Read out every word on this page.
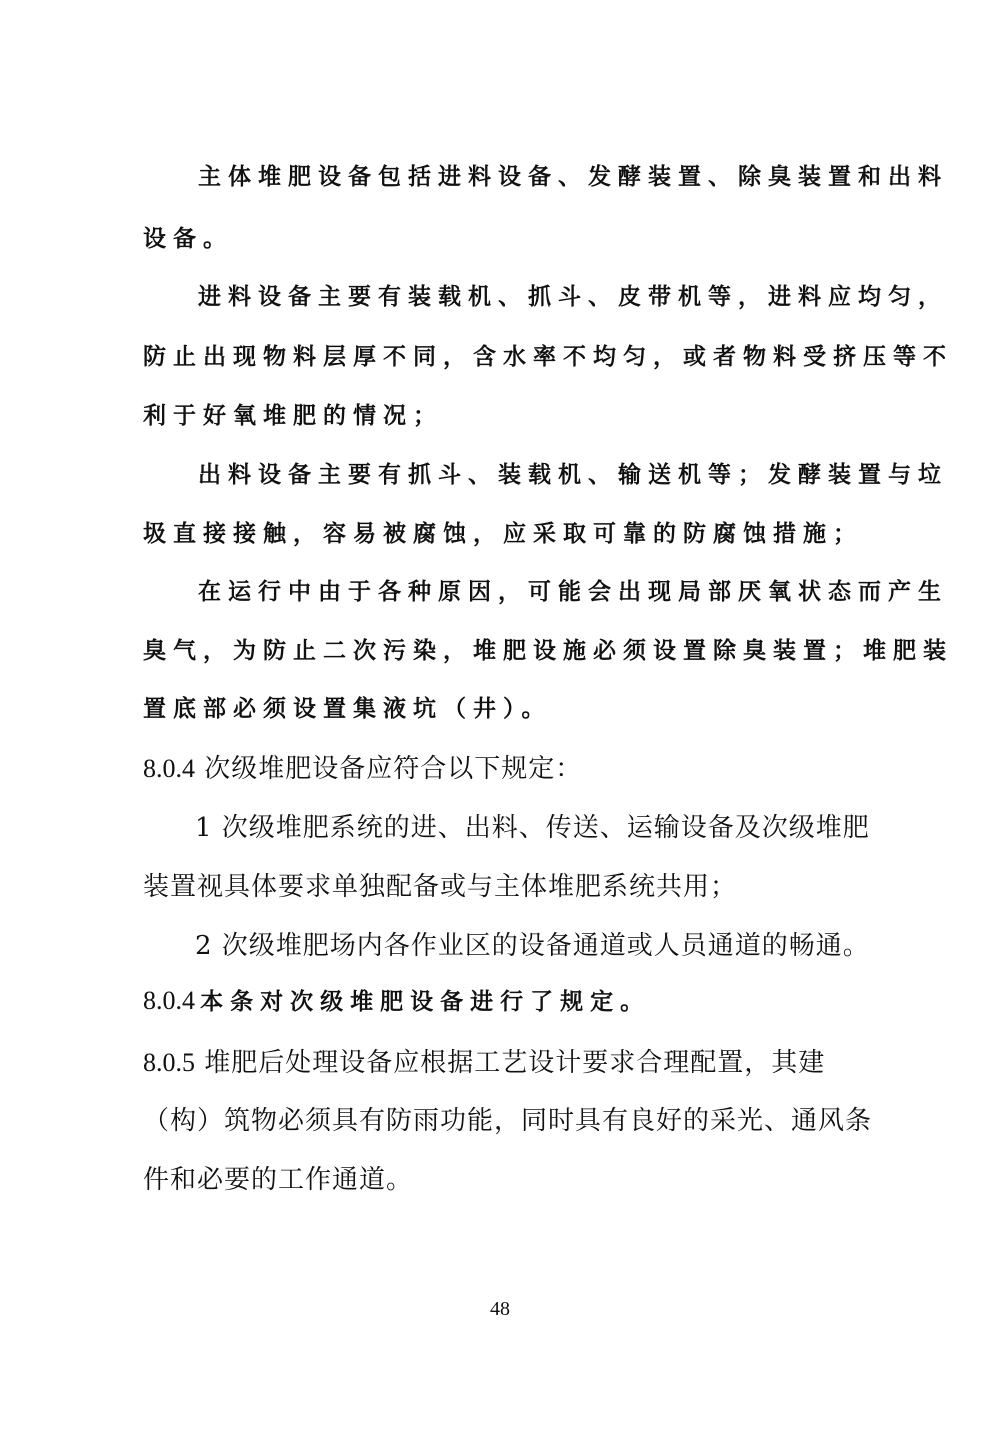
主体堆肥设备包括进料设备、发酵装置、除臭装置和出料
设备。
进料设备主要有装载机、抓斗、皮带机等，进料应均匀，
防止出现物料层厚不同，含水率不均匀，或者物料受挤压等不
利于好氧堆肥的情况；
出料设备主要有抓斗、装载机、输送机等；发酵装置与垃
圾直接接触，容易被腐蚀，应采取可靠的防腐蚀措施；
在运行中由于各种原因，可能会出现局部厌氧状态而产生
臭气，为防止二次污染，堆肥设施必须设置除臭装置；堆肥装
置底部必须设置集液坑（井）。
8.0.4 次级堆肥设备应符合以下规定：
1 次级堆肥系统的进、出料、传送、运输设备及次级堆肥
装置视具体要求单独配备或与主体堆肥系统共用；
2 次级堆肥场内各作业区的设备通道或人员通道的畅通。
8.0.4 本条对次级堆肥设备进行了规定。
8.0.5 堆肥后处理设备应根据工艺设计要求合理配置，其建
（构）筑物必须具有防雨功能，同时具有良好的采光、通风条
件和必要的工作通道。
48
